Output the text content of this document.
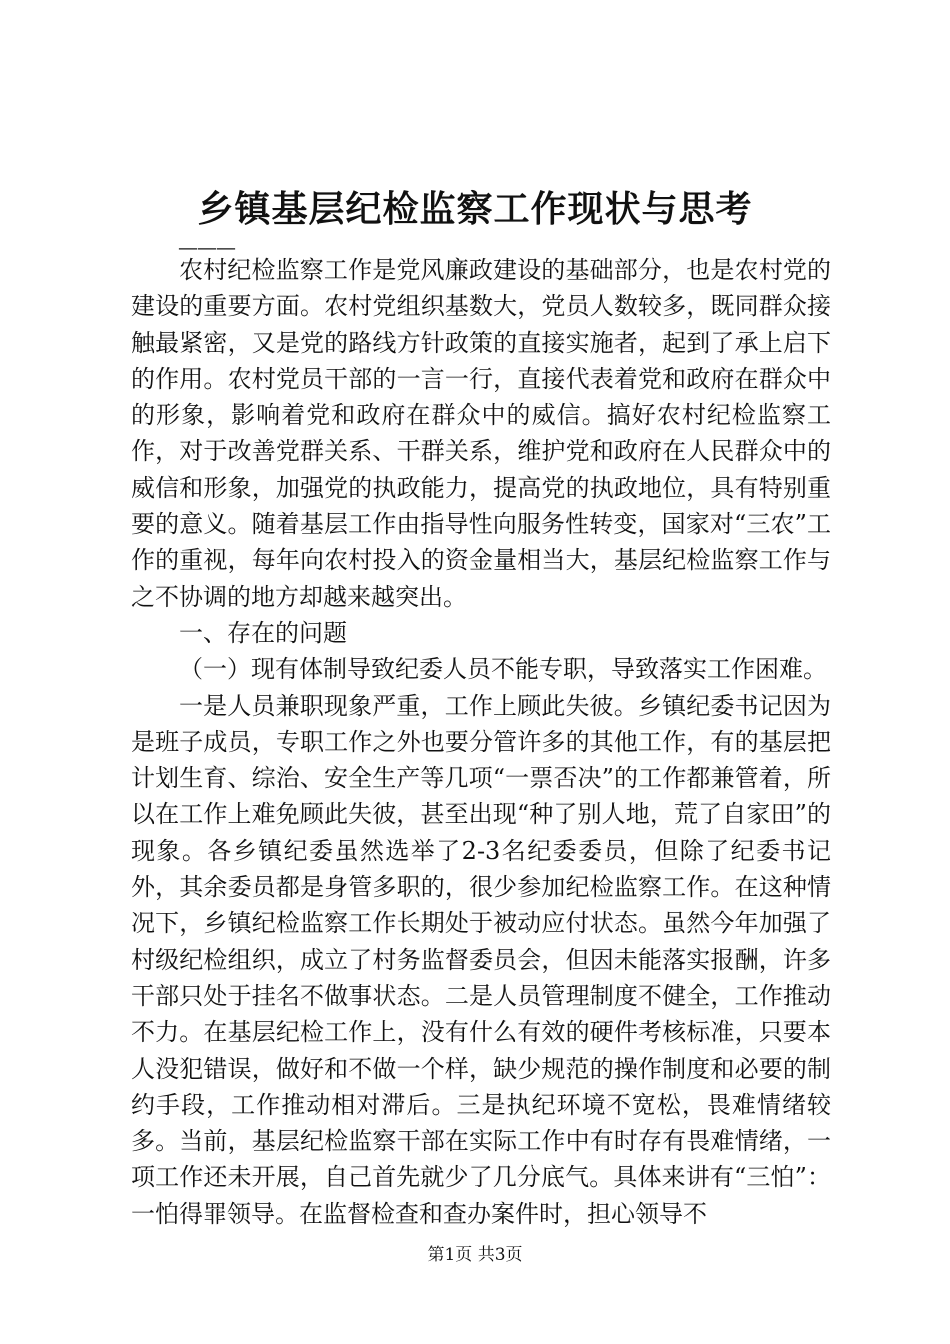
乡镇基层纪检监察工作现状与思考
———

农村纪检监察工作是党风廉政建设的基础部分，也是农村党的建设的重要方面。农村党组织基数大，党员人数较多，既同群众接触最紧密，又是党的路线方针政策的直接实施者，起到了承上启下的作用。农村党员干部的一言一行，直接代表着党和政府在群众中的形象，影响着党和政府在群众中的威信。搞好农村纪检监察工作，对于改善党群关系、干群关系，维护党和政府在人民群众中的威信和形象，加强党的执政能力，提高党的执政地位，具有特别重要的意义。随着基层工作由指导性向服务性转变，国家对“三农”工作的重视，每年向农村投入的资金量相当大，基层纪检监察工作与之不协调的地方却越来越突出。

一、存在的问题

（一）现有体制导致纪委人员不能专职，导致落实工作困难。

一是人员兼职现象严重，工作上顾此失彼。乡镇纪委书记因为是班子成员，专职工作之外也要分管许多的其他工作，有的基层把计划生育、综治、安全生产等几项“一票否决”的工作都兼管着，所以在工作上难免顾此失彼，甚至出现“种了别人地，荒了自家田”的现象。各乡镇纪委虽然选举了2-3名纪委委员，但除了纪委书记外，其余委员都是身管多职的，很少参加纪检监察工作。在这种情况下，乡镇纪检监察工作长期处于被动应付状态。虽然今年加强了村级纪检组织，成立了村务监督委员会，但因未能落实报酬，许多干部只处于挂名不做事状态。二是人员管理制度不健全，工作推动不力。在基层纪检工作上，没有什么有效的硬件考核标准，只要本人没犯错误，做好和不做一个样，缺少规范的操作制度和必要的制约手段，工作推动相对滞后。三是执纪环境不宽松，畏难情绪较多。当前，基层纪检监察干部在实际工作中有时存有畏难情绪，一项工作还未开展，自己首先就少了几分底气。具体来讲有“三怕”：一怕得罪领导。在监督检查和查办案件时，担心领导不

第1页 共3页
